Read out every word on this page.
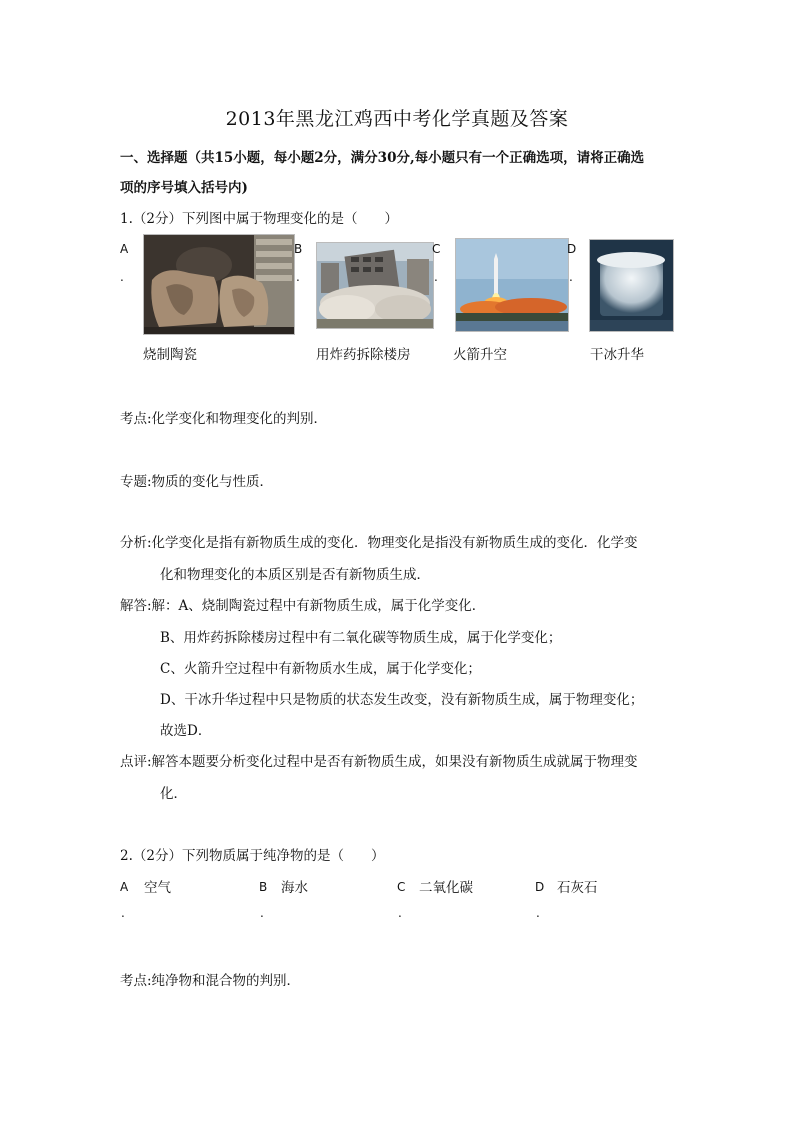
2013年黑龙江鸡西中考化学真题及答案
一、选择题（共15小题，每小题2分，满分30分,每小题只有一个正确选项，请将正确选
项的序号填入括号内)
1.（2分）下列图中属于物理变化的是（　　）
A
.
烧制陶瓷
B
.
用炸药拆除楼房
C
.
火箭升空
D
.
干冰升华
考点:化学变化和物理变化的判别．
专题:物质的变化与性质．
分析:化学变化是指有新物质生成的变化．物理变化是指没有新物质生成的变化．化学变
化和物理变化的本质区别是否有新物质生成．
解答:解：A、烧制陶瓷过程中有新物质生成，属于化学变化．
B、用炸药拆除楼房过程中有二氧化碳等物质生成，属于化学变化；
C、火箭升空过程中有新物质水生成，属于化学变化；
D、干冰升华过程中只是物质的状态发生改变，没有新物质生成，属于物理变化；
故选D．
点评:解答本题要分析变化过程中是否有新物质生成，如果没有新物质生成就属于物理变
化．
2.（2分）下列物质属于纯净物的是（　　）
A 空气
.
B 海水
.
C 二氧化碳
.
D 石灰石
.
考点:纯净物和混合物的判别．
